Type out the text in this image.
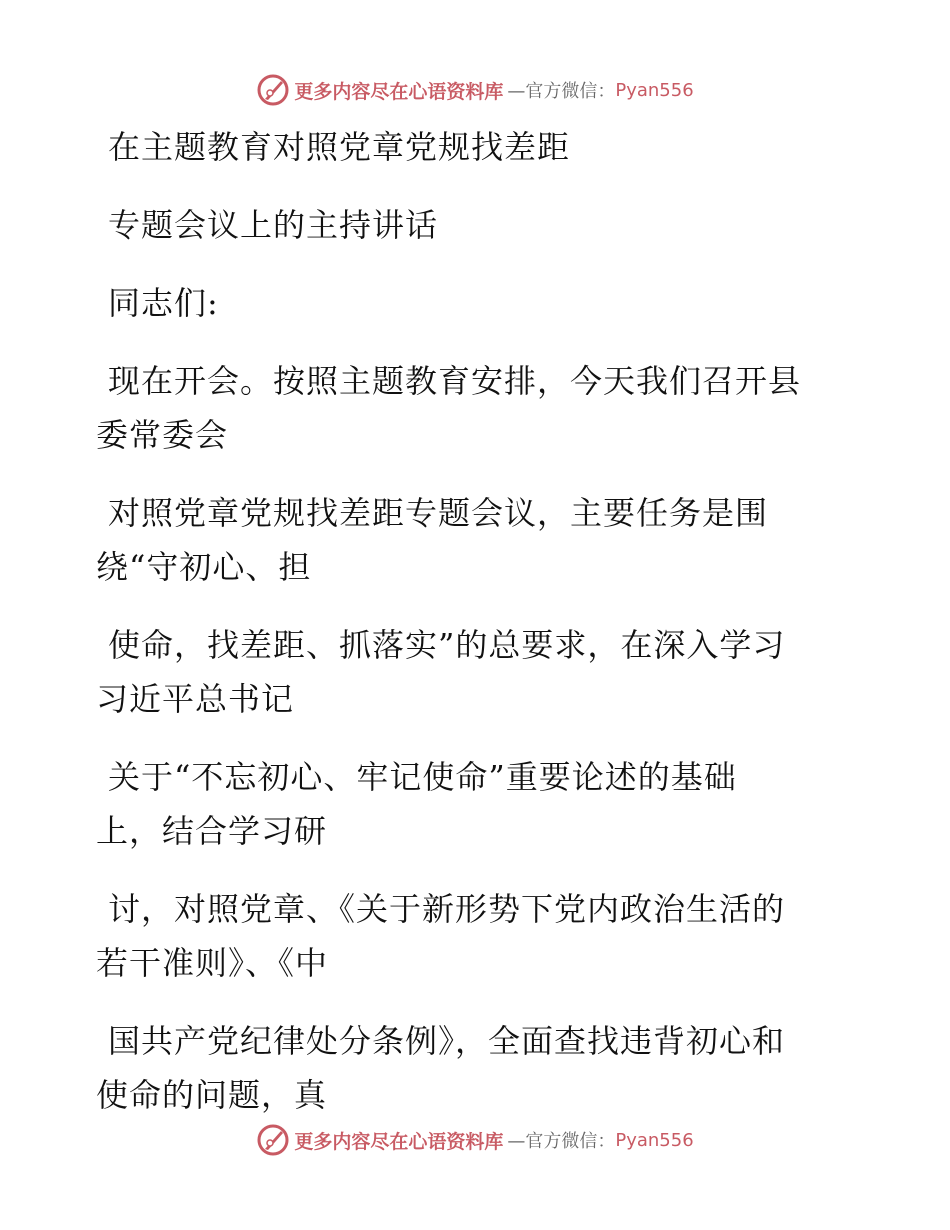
更多内容尽在心语资料库 —官方微信： Pyan556

在主题教育对照党章党规找差距

专题会议上的主持讲话

同志们:

现在开会。按照主题教育安排，今天我们召开县

委常委会

对照党章党规找差距专题会议，主要任务是围

绕“守初心、担

使命，找差距、抓落实”的总要求，在深入学习

习近平总书记

关于“不忘初心、牢记使命”重要论述的基础

上，结合学习研

讨，对照党章、《关于新形势下党内政治生活的

若干准则》、《中

国共产党纪律处分条例》，全面查找违背初心和

使命的问题，真

更多内容尽在心语资料库 —官方微信： Pyan556
